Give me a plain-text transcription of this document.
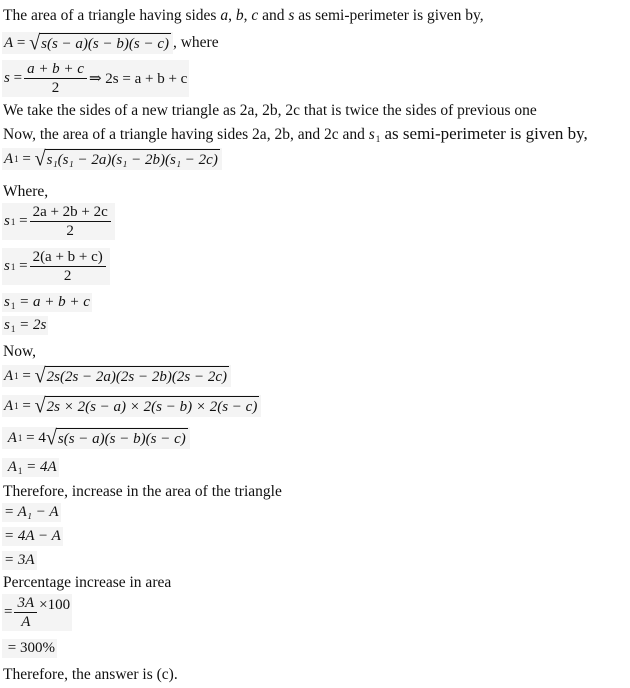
The area of a triangle having sides a, b, c and s as semi-perimeter is given by,
A = √ s(s − a)(s − b)(s − c) , where
$s = \frac{a + b + c}{2}$ ⇒ 2s = a + b + c
We take the sides of a new triangle as 2a, 2b, 2c that is twice the sides of previous one
Now, the area of a triangle having sides 2a, 2b, and 2c and $s_1$ as semi-perimeter is given by,
A 1 = √ s₁(s₁ − 2a)(s₁ − 2b)(s₁ − 2c)
Where,
s $1 = \frac{2a + 2b + 2c}{2}$
s $1 = \frac{2(a + b + c)}{2}$
$s_1 = a + b + c$
$s_1 = 2s$
Now,
A 1 = √ 2s(2s − 2a)(2s − 2b)(2s − 2c)
A 1 = √ 2s × 2(s − a) × 2(s − b) × 2(s − c)

A 1
= 4 √ s(s − a)(s − b)(s − c)
$A_1 = 4A$
Therefore, increase in the area of the triangle
= A₁ − A
= 4A − A
= 3A
Percentage increase in area
= $\frac{3A}{A} \times 100$
= 300%
Therefore, the answer is (c).
